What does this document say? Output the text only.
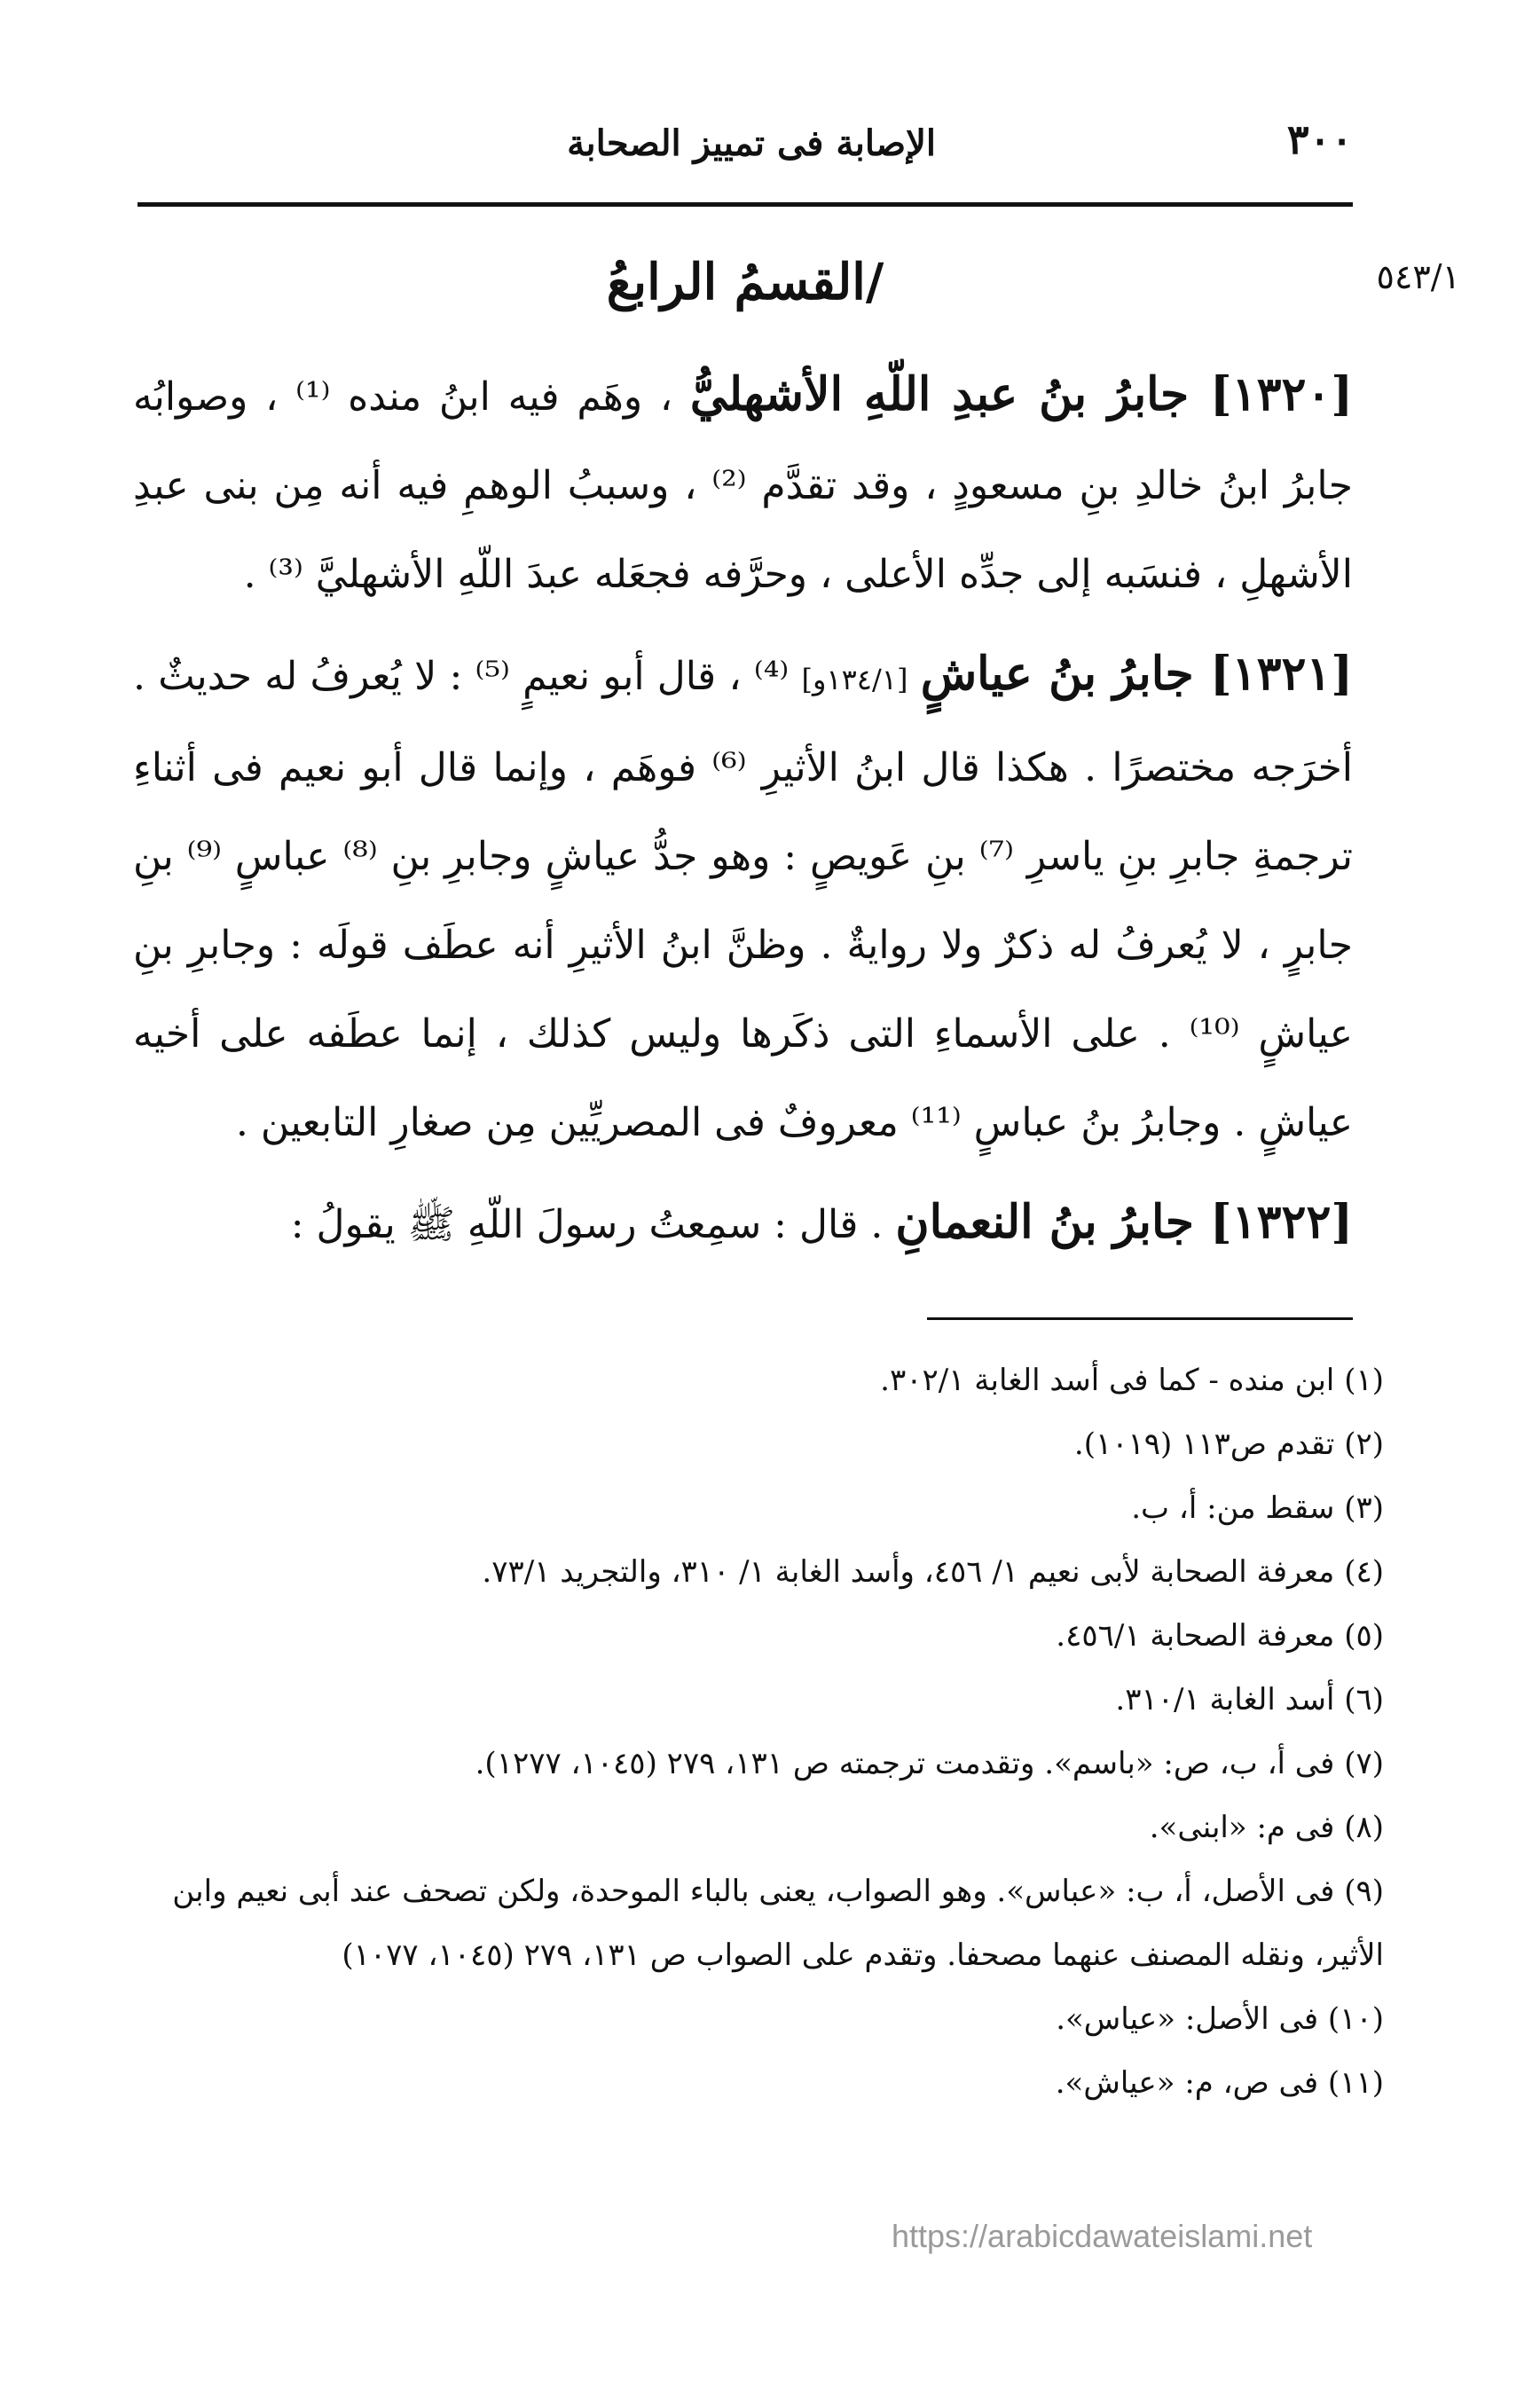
٣٠٠
الإصابة فى تمييز الصحابة
٥٤٣/١
/القسمُ الرابعُ

[١٣٢٠] جابرُ بنُ عبدِ اللّهِ الأشهليُّ ، وهَم فيه ابنُ منده ⁽¹⁾ ، وصوابُه جابرُ ابنُ خالدِ بنِ مسعودٍ ، وقد تقدَّم ⁽²⁾ ، وسببُ الوهمِ فيه أنه مِن بنى عبدِ الأشهلِ ، فنسَبه إلى جدِّه الأعلى ، وحرَّفه فجعَله عبدَ اللّهِ الأشهليَّ ⁽³⁾ .

[١٣٢١] جابرُ بنُ عياشٍ [١٣٤/١و] ⁽⁴⁾ ، قال أبو نعيمٍ ⁽⁵⁾ : لا يُعرفُ له حديثٌ . أخرَجه مختصرًا . هكذا قال ابنُ الأثيرِ ⁽⁶⁾ فوهَم ، وإنما قال أبو نعيم فى أثناءِ ترجمةِ جابرِ بنِ ياسرِ ⁽⁷⁾ بنِ عَويصٍ : وهو جدُّ عياشٍ وجابرِ بنِ ⁽⁸⁾ عباسٍ ⁽⁹⁾ بنِ جابرٍ ، لا يُعرفُ له ذكرٌ ولا روايةٌ . وظنَّ ابنُ الأثيرِ أنه عطَف قولَه : وجابرِ بنِ عياشٍ ⁽¹⁰⁾ . على الأسماءِ التى ذكَرها وليس كذلك ، إنما عطَفه على أخيه عياشٍ . وجابرُ بنُ عباسٍ ⁽¹¹⁾ معروفٌ فى المصريِّين مِن صغارِ التابعين .

[١٣٢٢] جابرُ بنُ النعمانِ . قال : سمِعتُ رسولَ اللّهِ ﷺ يقولُ :

(١) ابن منده - كما فى أسد الغابة ٣٠٢/١.

(٢) تقدم ص١١٣ (١٠١٩).

(٣) سقط من: أ، ب.

(٤) معرفة الصحابة لأبى نعيم ١/ ٤٥٦، وأسد الغابة ١/ ٣١٠، والتجريد ٧٣/١.

(٥) معرفة الصحابة ٤٥٦/١.

(٦) أسد الغابة ٣١٠/١.

(٧) فى أ، ب، ص: «باسم». وتقدمت ترجمته ص ١٣١، ٢٧٩ (١٠٤٥، ١٢٧٧).

(٨) فى م: «ابنى».

(٩) فى الأصل، أ، ب: «عباس». وهو الصواب، يعنى بالباء الموحدة، ولكن تصحف عند أبى نعيم وابن الأثير، ونقله المصنف عنهما مصحفا. وتقدم على الصواب ص ١٣١، ٢٧٩ (١٠٤٥، ١٠٧٧)

(١٠) فى الأصل: «عياس».

(١١) فى ص، م: «عياش».

https://arabicdawateislami.net
